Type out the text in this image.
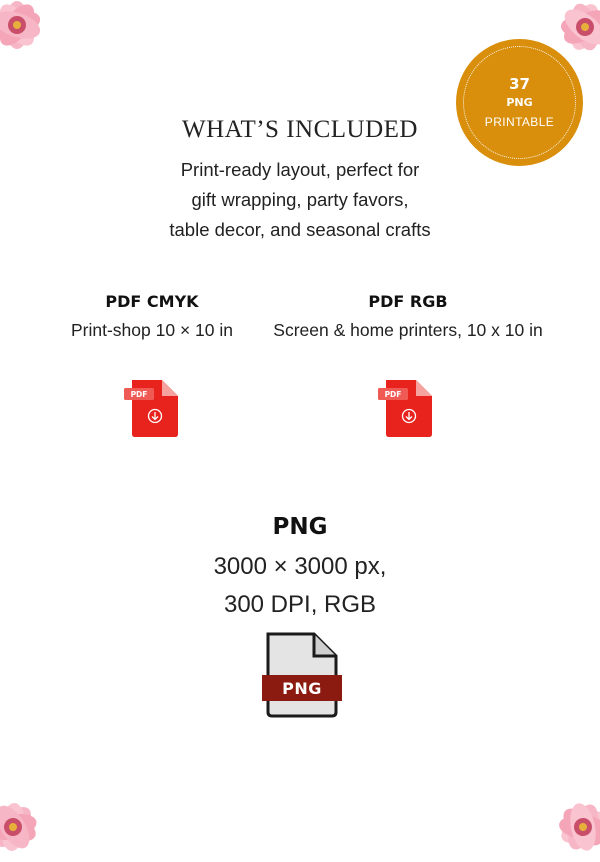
37
PNG
PRINTABLE
WHAT’S INCLUDED
Print-ready layout, perfect for
gift wrapping, party favors,
table decor, and seasonal crafts
PDF CMYK
Print-shop 10 × 10 in
PDF
PDF RGB
Screen & home printers, 10 x 10 in
PDF
PNG
3000 × 3000 px,
300 DPI, RGB
PNG
